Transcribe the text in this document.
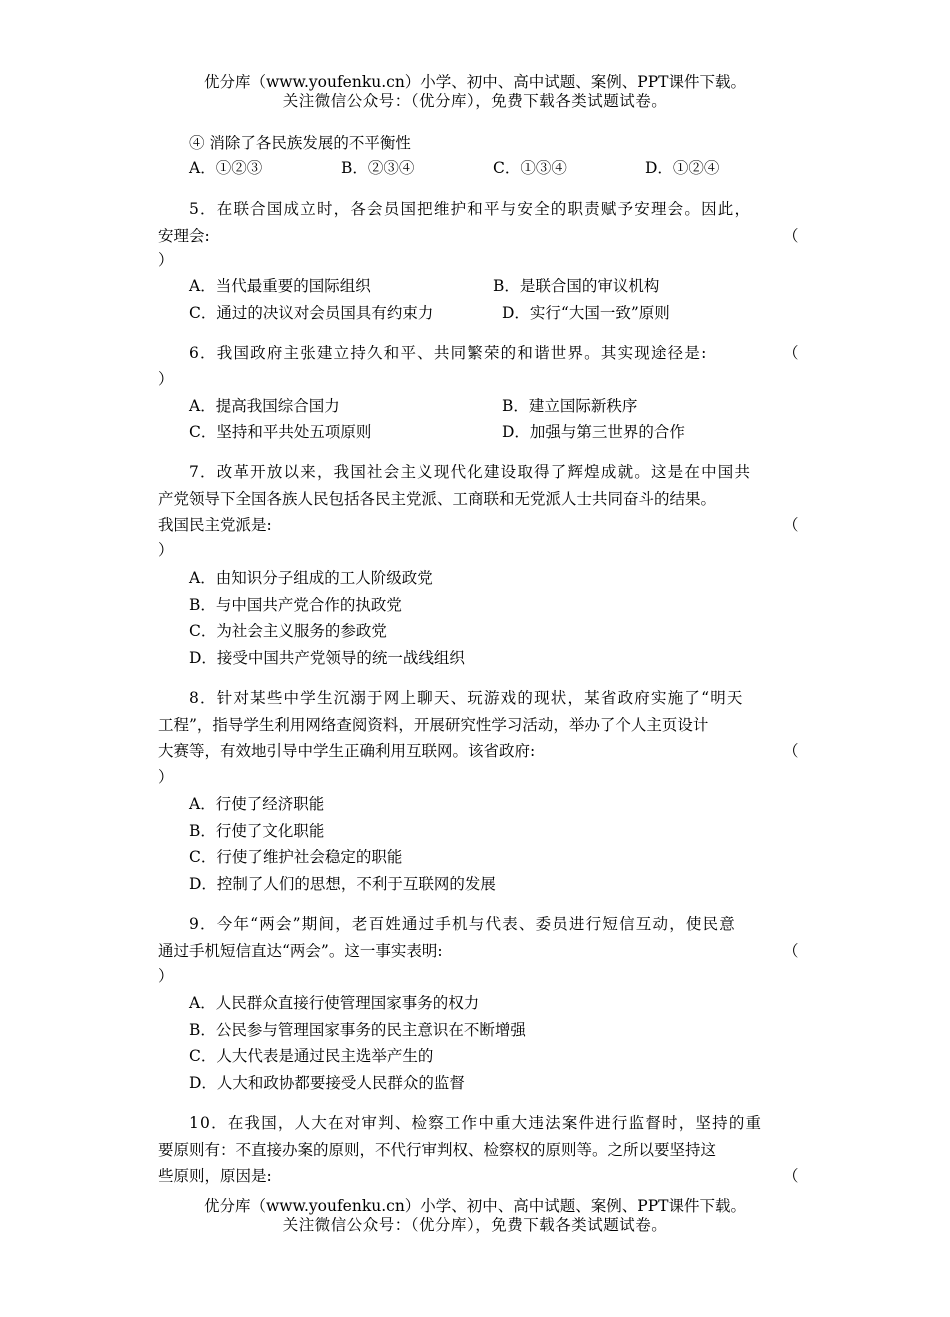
优分库（www.youfenku.cn）小学、初中、高中试题、案例、PPT课件下载。
关注微信公众号：（优分库），免费下载各类试题试卷。
④ 消除了各民族发展的不平衡性
A．①②③	B．②③④	C．①③④	D．①②④
5．在联合国成立时，各会员国把维护和平与安全的职责赋予安理会。因此，
安理会:	（
）
A．当代最重要的国际组织	B．是联合国的审议机构
C．通过的决议对会员国具有约束力	D．实行“大国一致”原则
6．我国政府主张建立持久和平、共同繁荣的和谐世界。其实现途径是:	（
）
A．提高我国综合国力	B．建立国际新秩序
C．坚持和平共处五项原则	D．加强与第三世界的合作
7．改革开放以来，我国社会主义现代化建设取得了辉煌成就。这是在中国共
产党领导下全国各族人民包括各民主党派、工商联和无党派人士共同奋斗的结果。
我国民主党派是:	（
）
A．由知识分子组成的工人阶级政党
B．与中国共产党合作的执政党
C．为社会主义服务的参政党
D．接受中国共产党领导的统一战线组织
8．针对某些中学生沉溺于网上聊天、玩游戏的现状，某省政府实施了“明天
工程”，指导学生利用网络查阅资料，开展研究性学习活动，举办了个人主页设计
大赛等，有效地引导中学生正确利用互联网。该省政府:	（
）
A．行使了经济职能
B．行使了文化职能
C．行使了维护社会稳定的职能
D．控制了人们的思想，不利于互联网的发展
9．今年“两会”期间，老百姓通过手机与代表、委员进行短信互动，使民意
通过手机短信直达“两会”。这一事实表明:	（
）
A．人民群众直接行使管理国家事务的权力
B．公民参与管理国家事务的民主意识在不断增强
C．人大代表是通过民主选举产生的
D．人大和政协都要接受人民群众的监督
10．在我国，人大在对审判、检察工作中重大违法案件进行监督时，坚持的重
要原则有：不直接办案的原则，不代行审判权、检察权的原则等。之所以要坚持这
些原则，原因是:	（
优分库（www.youfenku.cn）小学、初中、高中试题、案例、PPT课件下载。
关注微信公众号：（优分库），免费下载各类试题试卷。
